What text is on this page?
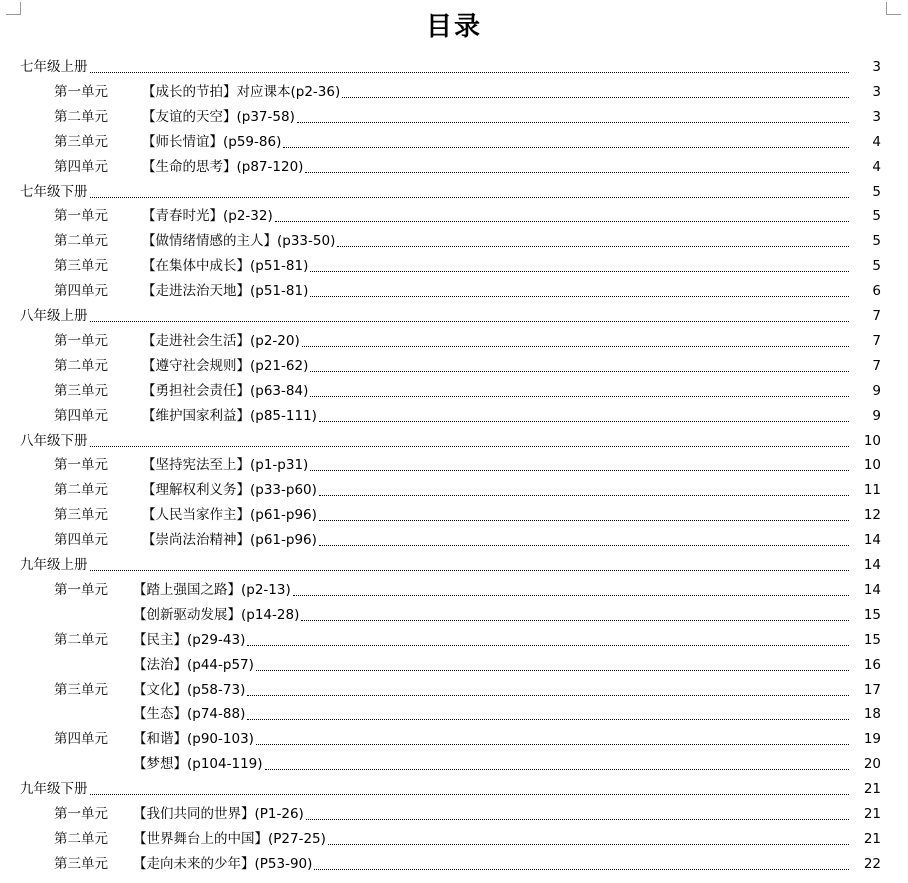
目录
七年级上册	3
第一单元	【成长的节拍】对应课本(p2-36)	3
第二单元	【友谊的天空】(p37-58)	3
第三单元	【师长情谊】(p59-86)	4
第四单元	【生命的思考】(p87-120)	4
七年级下册	5
第一单元	【青春时光】(p2-32)	5
第二单元	【做情绪情感的主人】(p33-50)	5
第三单元	【在集体中成长】(p51-81)	5
第四单元	【走进法治天地】(p51-81)	6
八年级上册	7
第一单元	【走进社会生活】(p2-20)	7
第二单元	【遵守社会规则】(p21-62)	7
第三单元	【勇担社会责任】(p63-84)	9
第四单元	【维护国家利益】(p85-111)	9
八年级下册	10
第一单元	【坚持宪法至上】(p1-p31)	10
第二单元	【理解权利义务】(p33-p60)	11
第三单元	【人民当家作主】(p61-p96)	12
第四单元	【崇尚法治精神】(p61-p96)	14
九年级上册	14
第一单元 【踏上强国之路】(p2-13)	14
【创新驱动发展】(p14-28)	15
第二单元 【民主】(p29-43)	15
【法治】(p44-p57)	16
第三单元 【文化】(p58-73)	17
【生态】(p74-88)	18
第四单元 【和谐】(p90-103)	19
【梦想】(p104-119)	20
九年级下册	21
第一单元 【我们共同的世界】(P1-26)	21
第二单元 【世界舞台上的中国】(P27-25)	21
第三单元 【走向未来的少年】(P53-90)	22
